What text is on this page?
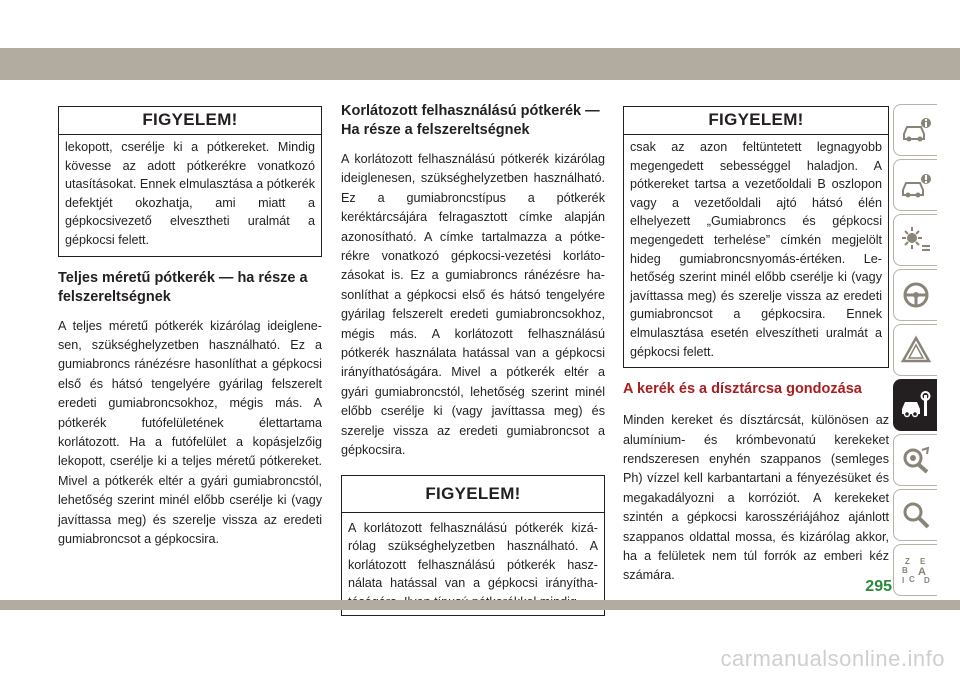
FIGYELEM!
lekopott, cserélje ki a pótkereket. Mindig kövesse az adott pótkerékre vonatkozó utasításokat. Ennek elmulasztása a pótkerék defektjét okozhatja, ami miatt a gépkocsivezető elvesztheti uralmát a gépkocsi felett.
Teljes méretű pótkerék — ha része a felszereltségnek

A teljes méretű pótkerék kizárólag ideiglenesen, szükséghelyzetben használható. Ez a gumiabroncs ránézésre hasonlíthat a gépkocsi első és hátsó tengelyére gyárilag felszerelt eredeti gumiabroncsokhoz, mégis más. A pótkerék futófelületének élettartama korlátozott. Ha a futófelület a kopásjelzőig lekopott, cserélje ki a teljes méretű pótkereket. Mivel a pótkerék eltér a gyári gumiabroncstól, lehetőség szerint minél előbb cserélje ki (vagy javíttassa meg) és szerelje vissza az eredeti gumiabroncsot a gépkocsira.

Korlátozott felhasználású pótkerék — Ha része a felszereltségnek

A korlátozott felhasználású pótkerék kizárólag ideiglenesen, szükséghelyzetben használható. Ez a gumiabroncstípus a pótkerék keréktárcsájára felragasztott címke alapján azonosítható. A címke tartalmazza a pótkerékre vonatkozó gépkocsi-vezetési korlátozásokat is. Ez a gumiabroncs ránézésre hasonlíthat a gépkocsi első és hátsó tengelyére gyárilag felszerelt eredeti gumiabroncsokhoz, mégis más. A korlátozott felhasználású pótkerék használata hatással van a gépkocsi irányíthatóságára. Mivel a pótkerék eltér a gyári gumiabroncstól, lehetőség szerint minél előbb cserélje ki (vagy javíttassa meg) és szerelje vissza az eredeti gumiabroncsot a gépkocsira.

FIGYELEM!
A korlátozott felhasználású pótkerék kizárólag szükséghelyzetben használható. A korlátozott felhasználású pótkerék használata hatással van a gépkocsi irányítha
FIGYELEM!
csak az azon feltüntetett legnagyobb megengedett sebességgel haladjon. A pótkereket tartsa a vezetőoldali B oszlopon vagy a vezetőoldali ajtó hátsó élén elhelyezett „Gumiabroncs és gépkocsi megengedett terhelése” címkén megjelölt hideg gumiabroncsnyomás-értéken. Lehetőség szerint minél előbb cserélje ki (vagy javíttassa meg) és szerelje vissza az eredeti gumiabroncsot a gépkocsira. Ennek elmulasztása esetén elveszítheti uralmát a gépkocsi felett.
A kerék és a dísztárcsa gondozása

Minden kereket és dísztárcsát, különösen az alumínium- és krómbevonatú kerekeket rendszeresen enyhén szappanos (semleges Ph) vízzel kell karbantartani a fényezésüket és megakadályozni a korróziót. A kerekeket szintén a gépkocsi karosszériájához ajánlott szappanos oldattal mossa, és kizárólag akkor, ha a felületek nem túl forrók az emberi kéz számára.

Z E
B A
C D
I
295
carmanualsonline.info
